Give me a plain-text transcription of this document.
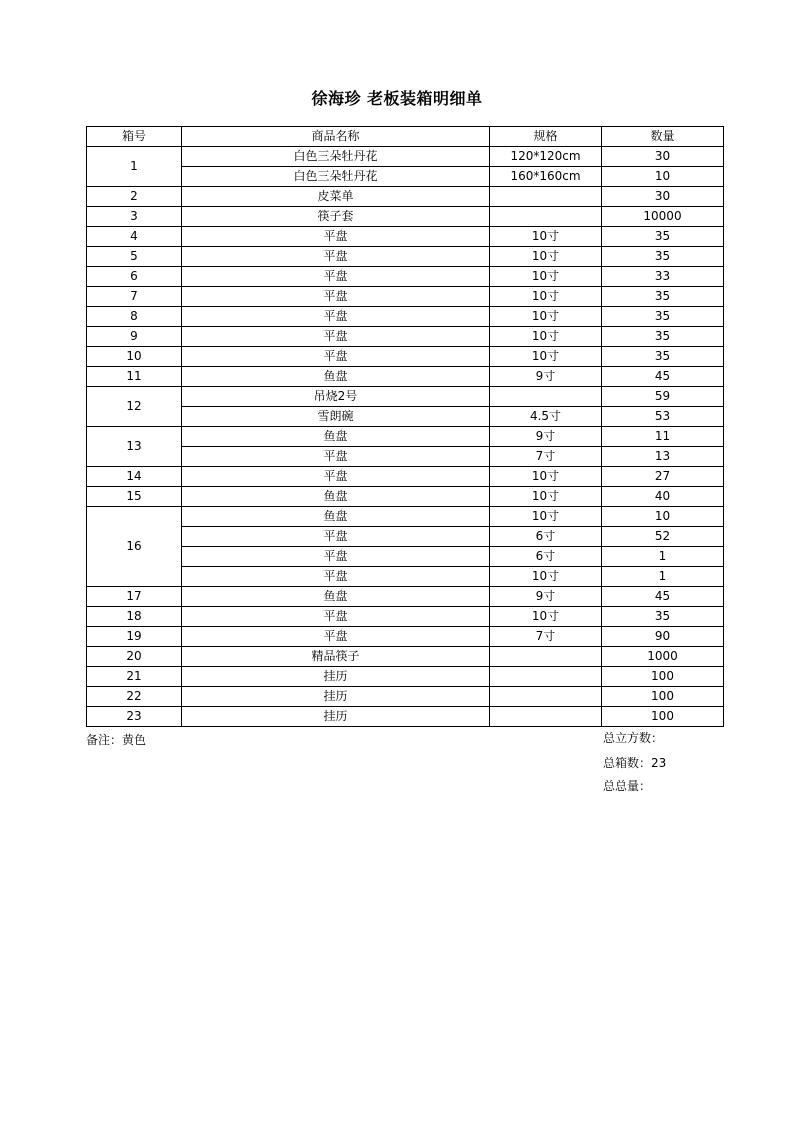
徐海珍 老板装箱明细单
箱号	商品名称	规格	数量
1	白色三朵牡丹花	120*120cm	30
	白色三朵牡丹花	160*160cm	10
2	皮菜单		30
3	筷子套		10000
4	平盘	10寸	35
5	平盘	10寸	35
6	平盘	10寸	33
7	平盘	10寸	35
8	平盘	10寸	35
9	平盘	10寸	35
10	平盘	10寸	35
11	鱼盘	9寸	45
12	吊烧2号		59
	雪朗碗	4.5寸	53
13	鱼盘	9寸	11
	平盘	7寸	13
14	平盘	10寸	27
15	鱼盘	10寸	40
16	鱼盘	10寸	10
	平盘	6寸	52
	平盘	6寸	1
	平盘	10寸	1
17	鱼盘	9寸	45
18	平盘	10寸	35
19	平盘	7寸	90
20	精品筷子		1000
21	挂历		100
22	挂历		100
23	挂历		100
备注：黄色	总立方数：
总箱数：23
总总量：
